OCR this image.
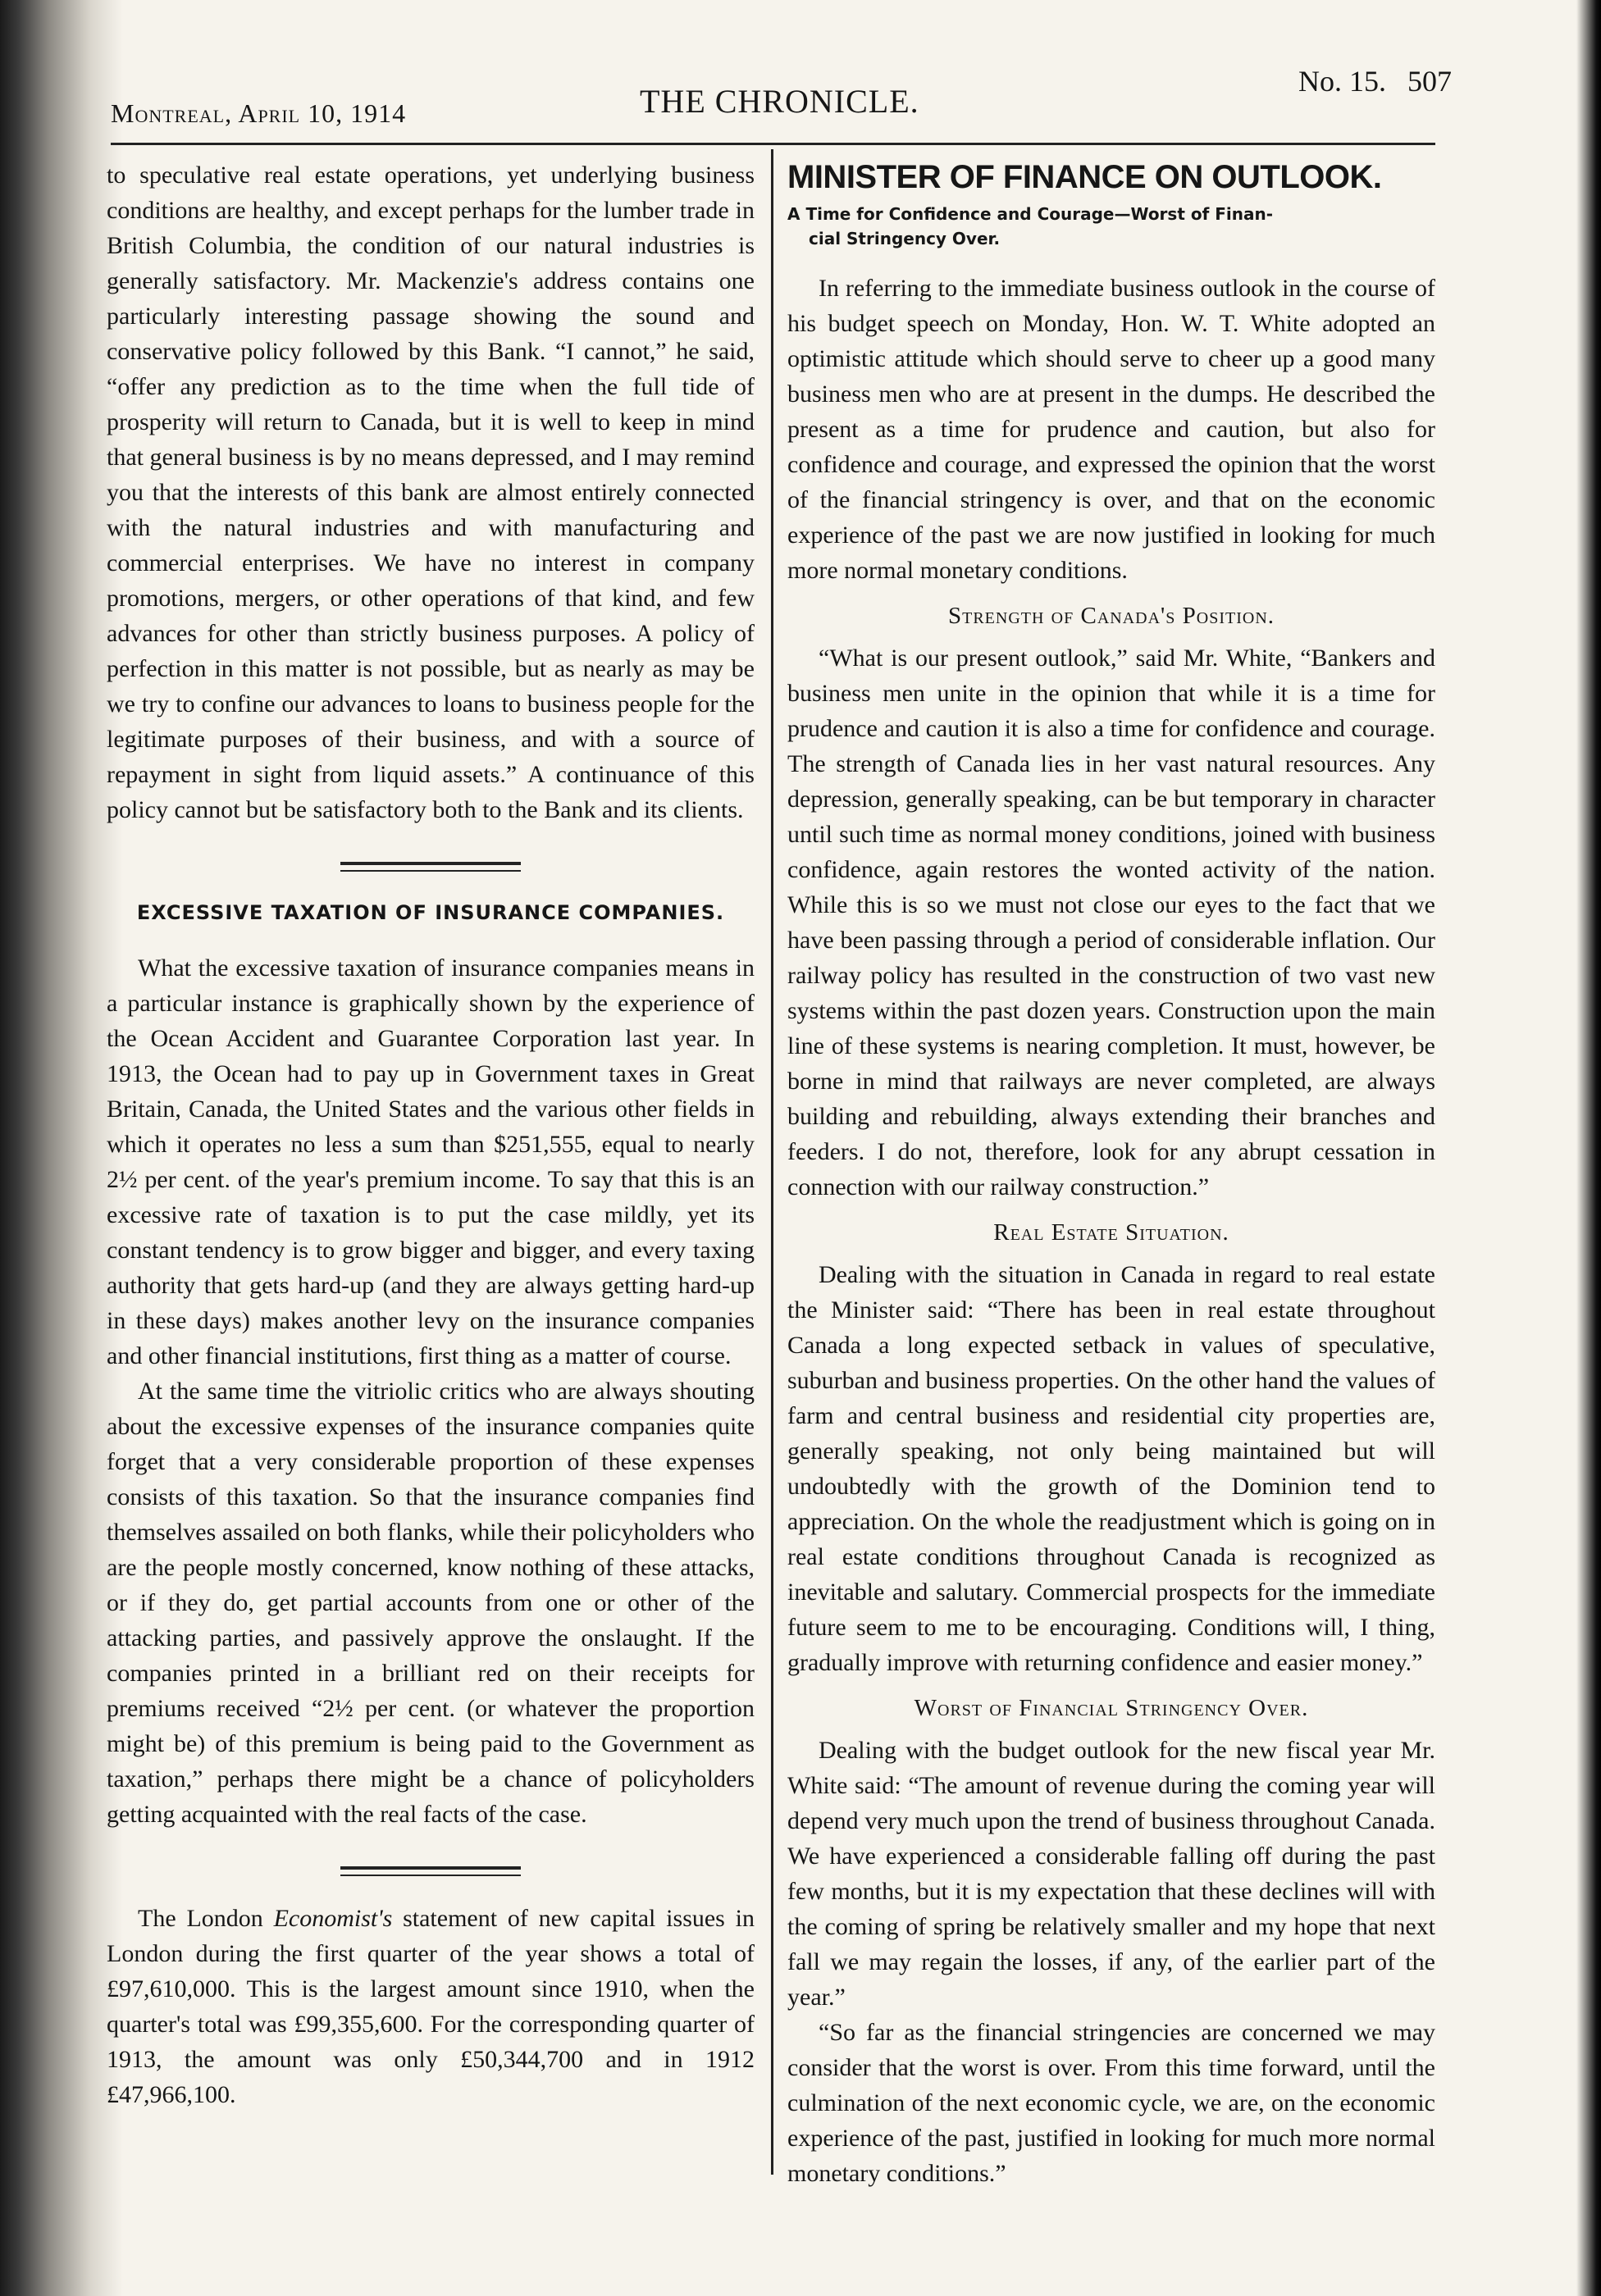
Montreal, April 10, 1914	THE CHRONICLE.
No. 15. 507

to speculative real estate operations, yet underlying business conditions are healthy, and except perhaps for the lumber trade in British Columbia, the condition of our natural industries is generally satisfactory. Mr. Mackenzie's address contains one particularly interesting passage showing the sound and conservative policy followed by this Bank. “I cannot,” he said, “offer any prediction as to the time when the full tide of prosperity will return to Canada, but it is well to keep in mind that general business is by no means depressed, and I may remind you that the interests of this bank are almost entirely connected with the natural industries and with manufacturing and commercial enterprises. We have no interest in company promotions, mergers, or other operations of that kind, and few advances for other than strictly business purposes. A policy of perfection in this matter is not possible, but as nearly as may be we try to confine our advances to loans to business people for the legitimate purposes of their business, and with a source of repayment in sight from liquid assets.” A continuance of this policy cannot but be satisfactory both to the Bank and its clients.

EXCESSIVE TAXATION OF INSURANCE COMPANIES.

What the excessive taxation of insurance companies means in a particular instance is graphically shown by the experience of the Ocean Accident and Guarantee Corporation last year. In 1913, the Ocean had to pay up in Government taxes in Great Britain, Canada, the United States and the various other fields in which it operates no less a sum than $251,555, equal to nearly 2½ per cent. of the year's premium income. To say that this is an excessive rate of taxation is to put the case mildly, yet its constant tendency is to grow bigger and bigger, and every taxing authority that gets hard-up (and they are always getting hard-up in these days) makes another levy on the insurance companies and other financial institutions, first thing as a matter of course.

At the same time the vitriolic critics who are always shouting about the excessive expenses of the insurance companies quite forget that a very considerable proportion of these expenses consists of this taxation. So that the insurance companies find themselves assailed on both flanks, while their policyholders who are the people mostly concerned, know nothing of these attacks, or if they do, get partial accounts from one or other of the attacking parties, and passively approve the onslaught. If the companies printed in a brilliant red on their receipts for premiums received “2½ per cent. (or whatever the proportion might be) of this premium is being paid to the Government as taxation,” perhaps there might be a chance of policyholders getting acquainted with the real facts of the case.

The London Economist's statement of new capital issues in London during the first quarter of the year shows a total of £97,610,000. This is the largest amount since 1910, when the quarter's total was £99,355,600. For the corresponding quarter of 1913, the amount was only £50,344,700 and in 1912 £47,966,100.

MINISTER OF FINANCE ON OUTLOOK.
A Time for Confidence and Courage—Worst of Finan-
cial Stringency Over.

In referring to the immediate business outlook in the course of his budget speech on Monday, Hon. W. T. White adopted an optimistic attitude which should serve to cheer up a good many business men who are at present in the dumps. He described the present as a time for prudence and caution, but also for confidence and courage, and expressed the opinion that the worst of the financial stringency is over, and that on the economic experience of the past we are now justified in looking for much more normal monetary conditions.

Strength of Canada's Position.

“What is our present outlook,” said Mr. White, “Bankers and business men unite in the opinion that while it is a time for prudence and caution it is also a time for confidence and courage. The strength of Canada lies in her vast natural resources. Any depression, generally speaking, can be but temporary in character until such time as normal money conditions, joined with business confidence, again restores the wonted activity of the nation. While this is so we must not close our eyes to the fact that we have been passing through a period of considerable inflation. Our railway policy has resulted in the construction of two vast new systems within the past dozen years. Construction upon the main line of these systems is nearing completion. It must, however, be borne in mind that railways are never completed, are always building and rebuilding, always extending their branches and feeders. I do not, therefore, look for any abrupt cessation in connection with our railway construction.”

Real Estate Situation.

Dealing with the situation in Canada in regard to real estate the Minister said: “There has been in real estate throughout Canada a long expected setback in values of speculative, suburban and business properties. On the other hand the values of farm and central business and residential city properties are, generally speaking, not only being maintained but will undoubtedly with the growth of the Dominion tend to appreciation. On the whole the readjustment which is going on in real estate conditions throughout Canada is recognized as inevitable and salutary. Commercial prospects for the immediate future seem to me to be encouraging. Conditions will, I thing, gradually improve with returning confidence and easier money.”

Worst of Financial Stringency Over.

Dealing with the budget outlook for the new fiscal year Mr. White said: “The amount of revenue during the coming year will depend very much upon the trend of business throughout Canada. We have experienced a considerable falling off during the past few months, but it is my expectation that these declines will with the coming of spring be relatively smaller and my hope that next fall we may regain the losses, if any, of the earlier part of the year.”

“So far as the financial stringencies are concerned we may consider that the worst is over. From this time forward, until the culmination of the next economic cycle, we are, on the economic experience of the past, justified in looking for much more normal monetary conditions.”
